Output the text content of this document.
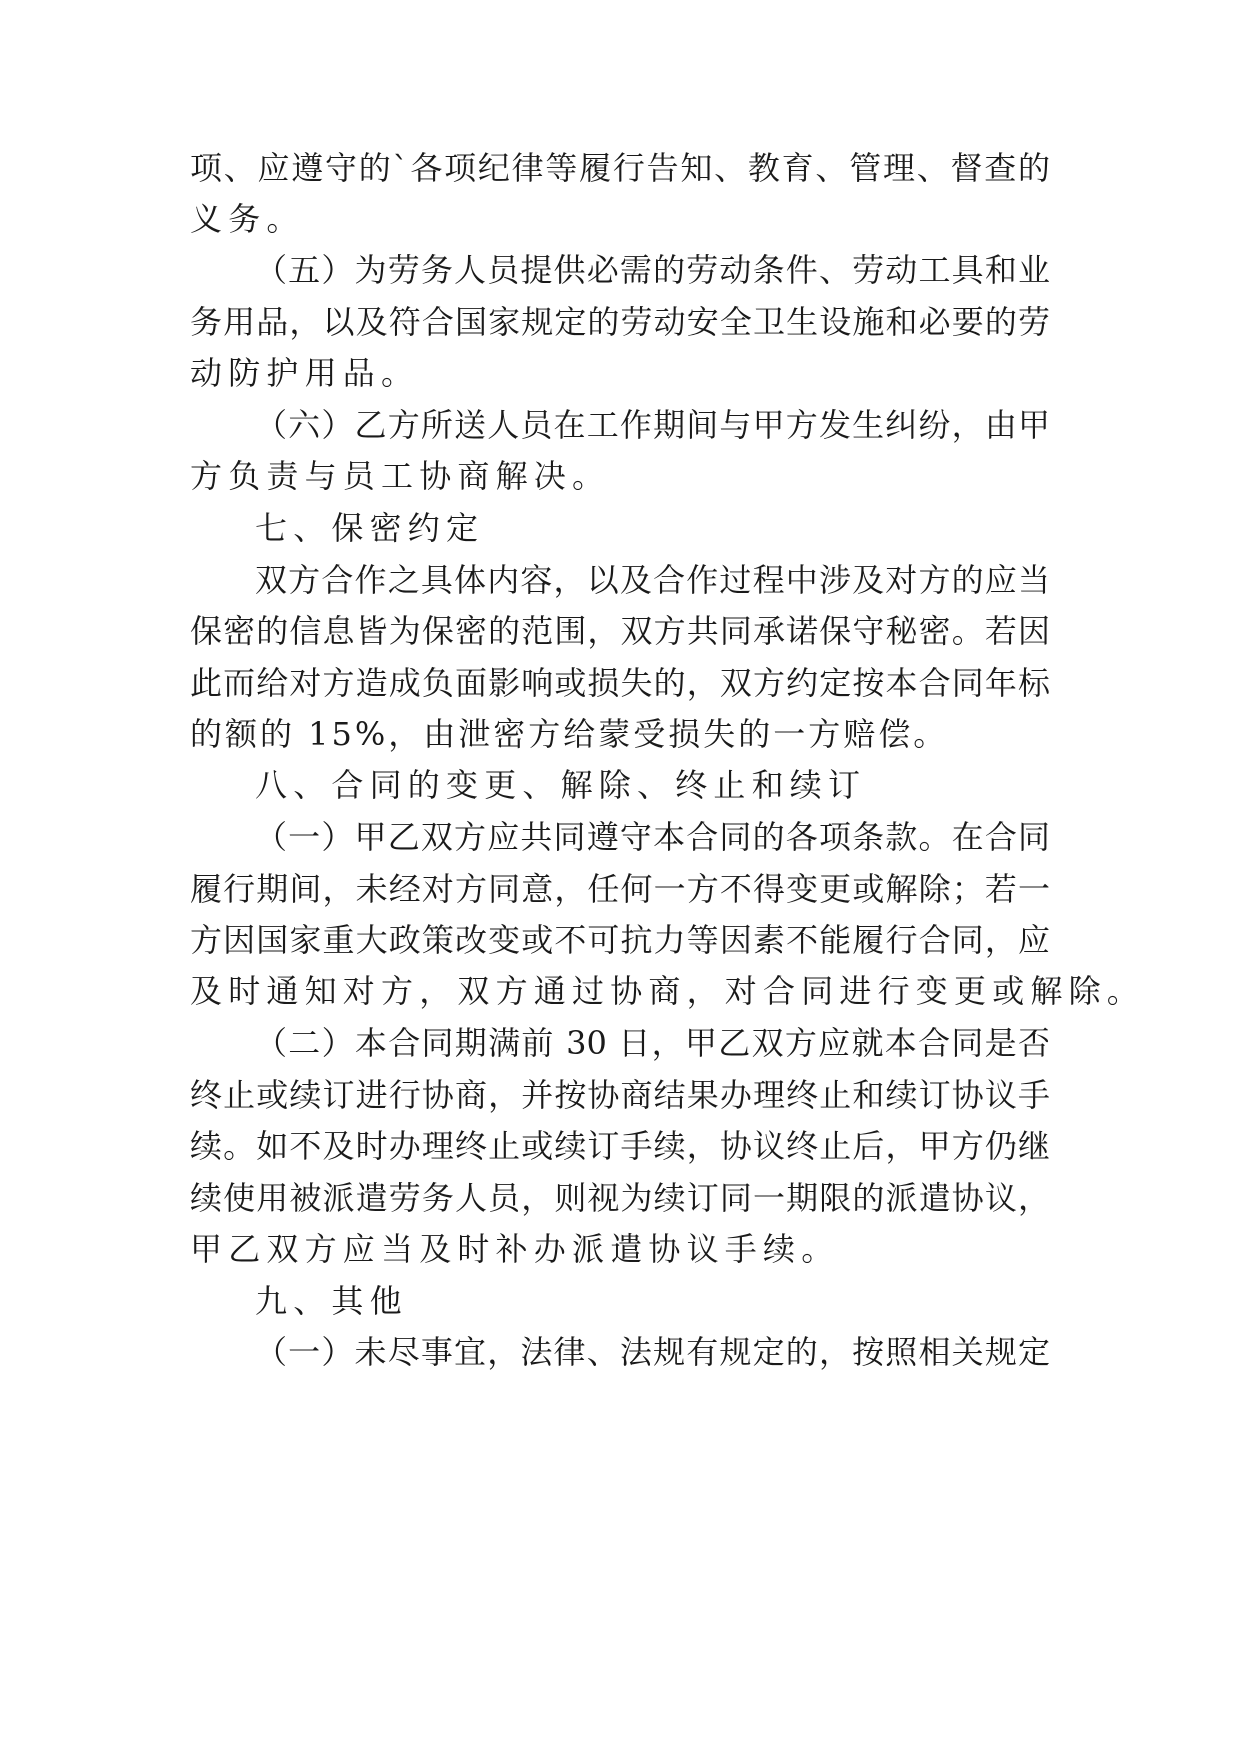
项、应遵守的`各项纪律等履行告知、教育、管理、督查的
义务。
（五）为劳务人员提供必需的劳动条件、劳动工具和业
务用品，以及符合国家规定的劳动安全卫生设施和必要的劳
动防护用品。
（六）乙方所送人员在工作期间与甲方发生纠纷，由甲
方负责与员工协商解决。
七、保密约定
双方合作之具体内容，以及合作过程中涉及对方的应当
保密的信息皆为保密的范围，双方共同承诺保守秘密。若因
此而给对方造成负面影响或损失的，双方约定按本合同年标
的额的 15%，由泄密方给蒙受损失的一方赔偿。
八、合同的变更、解除、终止和续订
（一）甲乙双方应共同遵守本合同的各项条款。在合同
履行期间，未经对方同意，任何一方不得变更或解除；若一
方因国家重大政策改变或不可抗力等因素不能履行合同，应
及时通知对方，双方通过协商，对合同进行变更或解除。
（二）本合同期满前 30 日，甲乙双方应就本合同是否
终止或续订进行协商，并按协商结果办理终止和续订协议手
续。如不及时办理终止或续订手续，协议终止后，甲方仍继
续使用被派遣劳务人员，则视为续订同一期限的派遣协议，
甲乙双方应当及时补办派遣协议手续。
九、其他
（一）未尽事宜，法律、法规有规定的，按照相关规定
